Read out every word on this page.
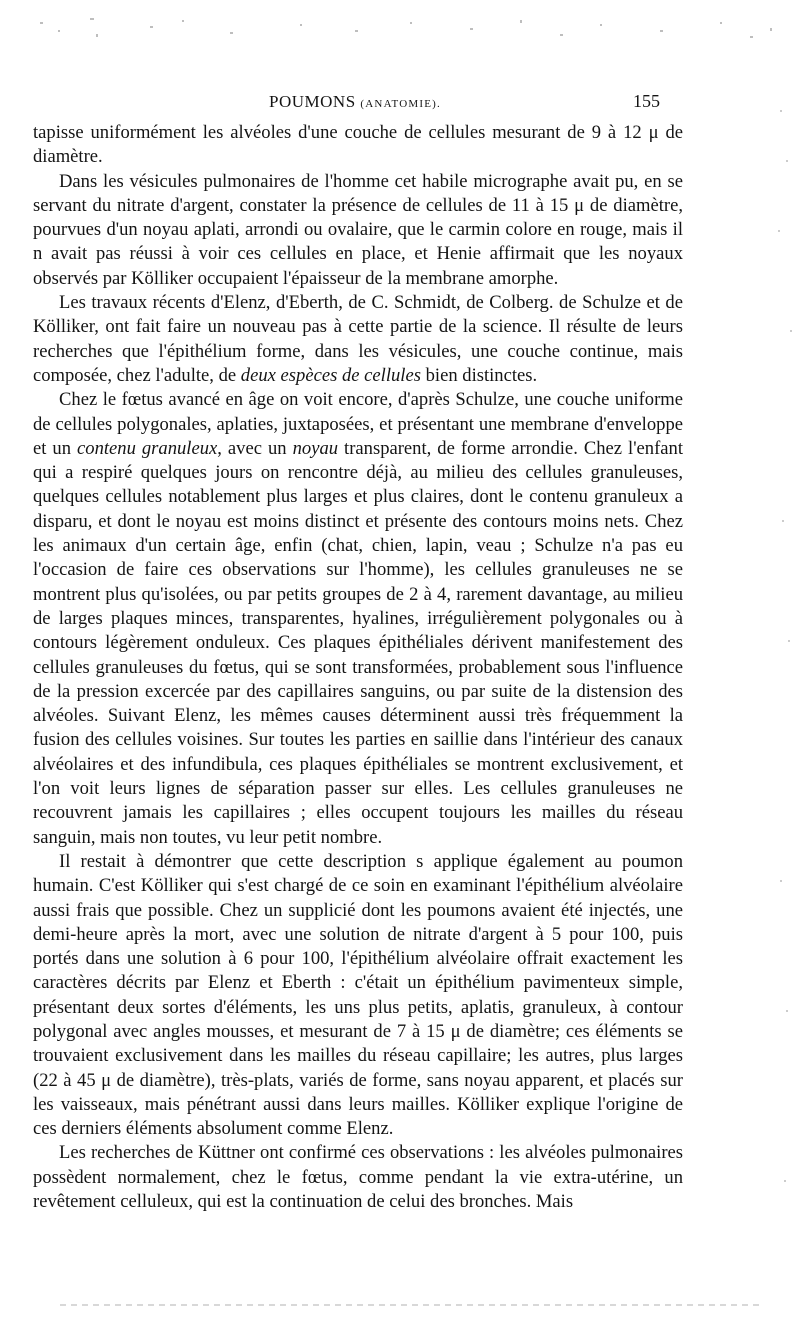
POUMONS (ANATOMIE).	155

tapisse uniformément les alvéoles d'une couche de cellules mesurant de 9 à 12 μ de diamètre.

Dans les vésicules pulmonaires de l'homme cet habile micrographe avait pu, en se servant du nitrate d'argent, constater la présence de cellules de 11 à 15 μ de diamètre, pourvues d'un noyau aplati, arrondi ou ovalaire, que le carmin colore en rouge, mais il n avait pas réussi à voir ces cellules en place, et Henie affirmait que les noyaux observés par Kölliker occupaient l'épaisseur de la membrane amorphe.

Les travaux récents d'Elenz, d'Eberth, de C. Schmidt, de Colberg. de Schulze et de Kölliker, ont fait faire un nouveau pas à cette partie de la science. Il résulte de leurs recherches que l'épithélium forme, dans les vésicules, une couche continue, mais composée, chez l'adulte, de deux espèces de cellules bien distinctes.

Chez le fœtus avancé en âge on voit encore, d'après Schulze, une couche uniforme de cellules polygonales, aplaties, juxtaposées, et présentant une membrane d'enveloppe et un contenu granuleux, avec un noyau transparent, de forme arrondie. Chez l'enfant qui a respiré quelques jours on rencontre déjà, au milieu des cellules granuleuses, quelques cellules notablement plus larges et plus claires, dont le contenu granuleux a disparu, et dont le noyau est moins distinct et présente des contours moins nets. Chez les animaux d'un certain âge, enfin (chat, chien, lapin, veau ; Schulze n'a pas eu l'occasion de faire ces observations sur l'homme), les cellules granuleuses ne se montrent plus qu'isolées, ou par petits groupes de 2 à 4, rarement davantage, au milieu de larges plaques minces, transparentes, hyalines, irrégulièrement polygonales ou à contours légèrement onduleux. Ces plaques épithéliales dérivent manifestement des cellules granuleuses du fœtus, qui se sont transformées, probablement sous l'influence de la pression excercée par des capillaires sanguins, ou par suite de la distension des alvéoles. Suivant Elenz, les mêmes causes déterminent aussi très fréquemment la fusion des cellules voisines. Sur toutes les parties en saillie dans l'intérieur des canaux alvéolaires et des infundibula, ces plaques épithéliales se montrent exclusivement, et l'on voit leurs lignes de séparation passer sur elles. Les cellules granuleuses ne recouvrent jamais les capillaires ; elles occupent toujours les mailles du réseau sanguin, mais non toutes, vu leur petit nombre.

Il restait à démontrer que cette description s applique également au poumon humain. C'est Kölliker qui s'est chargé de ce soin en examinant l'épithélium alvéolaire aussi frais que possible. Chez un supplicié dont les poumons avaient été injectés, une demi-heure après la mort, avec une solution de nitrate d'argent à 5 pour 100, puis portés dans une solution à 6 pour 100, l'épithélium alvéolaire offrait exactement les caractères décrits par Elenz et Eberth : c'était un épithélium pavimenteux simple, présentant deux sortes d'éléments, les uns plus petits, aplatis, granuleux, à contour polygonal avec angles mousses, et mesurant de 7 à 15 μ de diamètre; ces éléments se trouvaient exclusivement dans les mailles du réseau capillaire; les autres, plus larges (22 à 45 μ de diamètre), très-plats, variés de forme, sans noyau apparent, et placés sur les vaisseaux, mais pénétrant aussi dans leurs mailles. Kölliker explique l'origine de ces derniers éléments absolument comme Elenz.

Les recherches de Küttner ont confirmé ces observations : les alvéoles pulmonaires possèdent normalement, chez le fœtus, comme pendant la vie extra-utérine, un revêtement celluleux, qui est la continuation de celui des bronches. Mais
